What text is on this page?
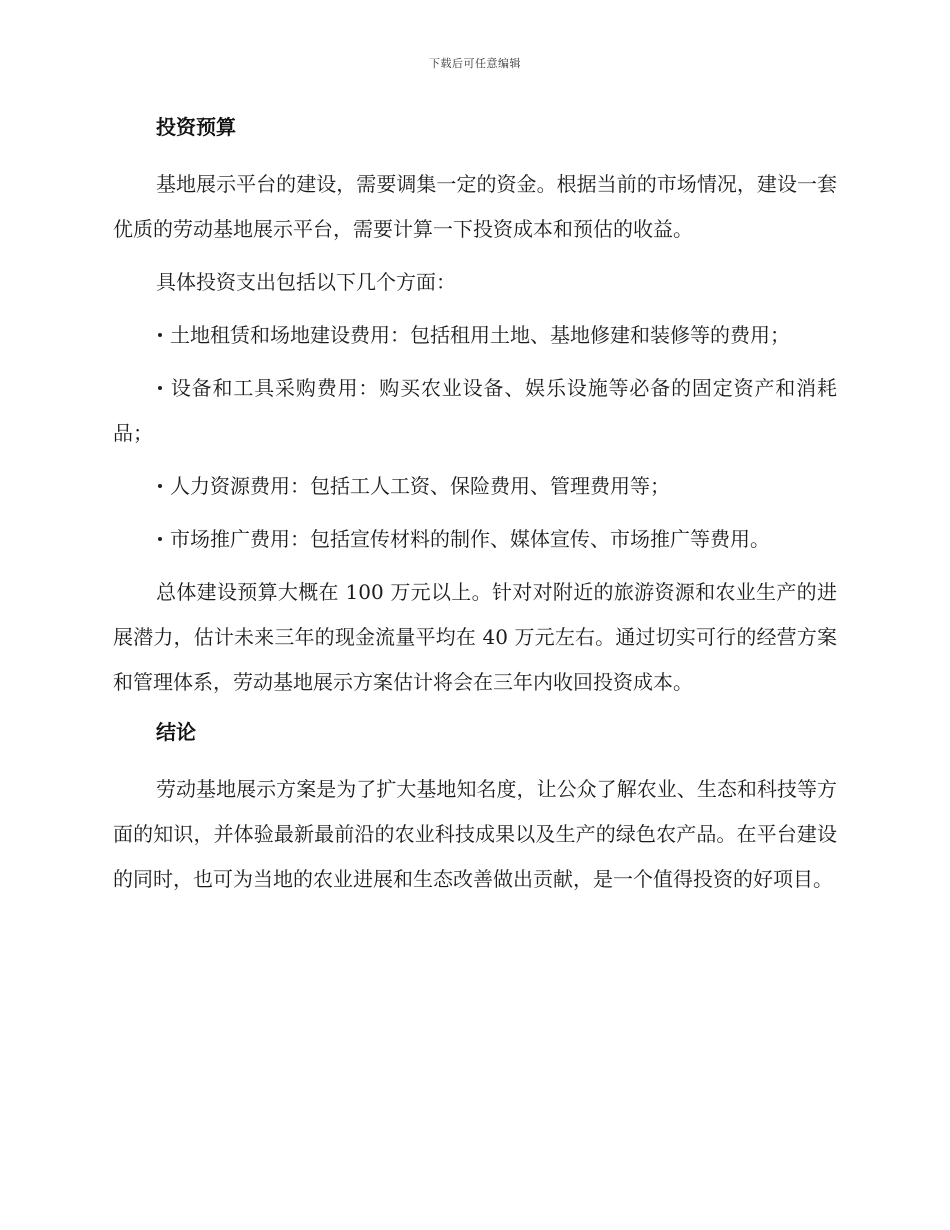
下载后可任意编辑
投资预算

基地展示平台的建设，需要调集一定的资金。根据当前的市场情况，建设一套优质的劳动基地展示平台，需要计算一下投资成本和预估的收益。

具体投资支出包括以下几个方面：

土地租赁和场地建设费用：包括租用土地、基地修建和装修等的费用；

设备和工具采购费用：购买农业设备、娱乐设施等必备的固定资产和消耗品；

人力资源费用：包括工人工资、保险费用、管理费用等；

市场推广费用：包括宣传材料的制作、媒体宣传、市场推广等费用。

总体建设预算大概在 100 万元以上。针对对附近的旅游资源和农业生产的进展潜力，估计未来三年的现金流量平均在 40 万元左右。通过切实可行的经营方案和管理体系，劳动基地展示方案估计将会在三年内收回投资成本。

结论

劳动基地展示方案是为了扩大基地知名度，让公众了解农业、生态和科技等方面的知识，并体验最新最前沿的农业科技成果以及生产的绿色农产品。在平台建设的同时，也可为当地的农业进展和生态改善做出贡献，是一个值得投资的好项目。
